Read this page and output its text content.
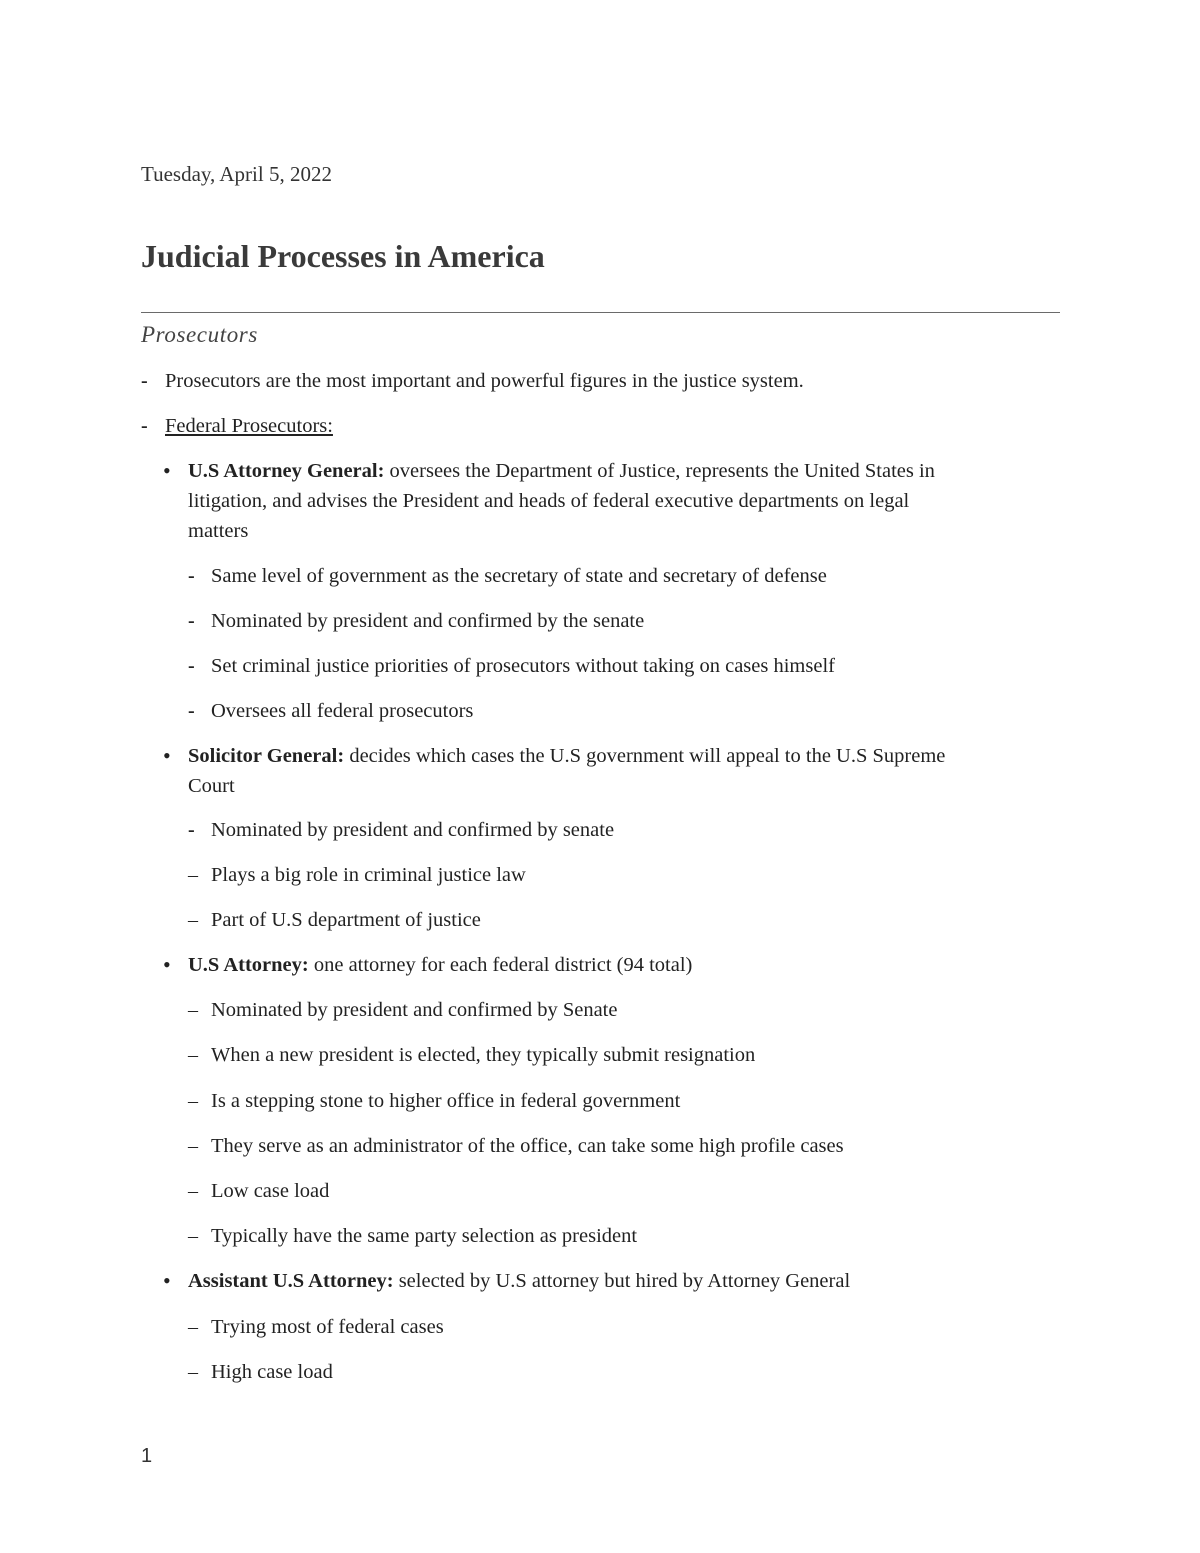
Tuesday, April 5, 2022
Judicial Processes in America
Prosecutors
- Prosecutors are the most important and powerful figures in the justice system.
- Federal Prosecutors:
• U.S Attorney General: oversees the Department of Justice, represents the United States in
litigation, and advises the President and heads of federal executive departments on legal
matters
- Same level of government as the secretary of state and secretary of defense
- Nominated by president and confirmed by the senate
- Set criminal justice priorities of prosecutors without taking on cases himself
- Oversees all federal prosecutors
• Solicitor General: decides which cases the U.S government will appeal to the U.S Supreme
Court
- Nominated by president and confirmed by senate
– Plays a big role in criminal justice law
– Part of U.S department of justice
• U.S Attorney: one attorney for each federal district (94 total)
– Nominated by president and confirmed by Senate
– When a new president is elected, they typically submit resignation
– Is a stepping stone to higher office in federal government
– They serve as an administrator of the office, can take some high profile cases
– Low case load
– Typically have the same party selection as president
• Assistant U.S Attorney: selected by U.S attorney but hired by Attorney General
– Trying most of federal cases
– High case load
1
